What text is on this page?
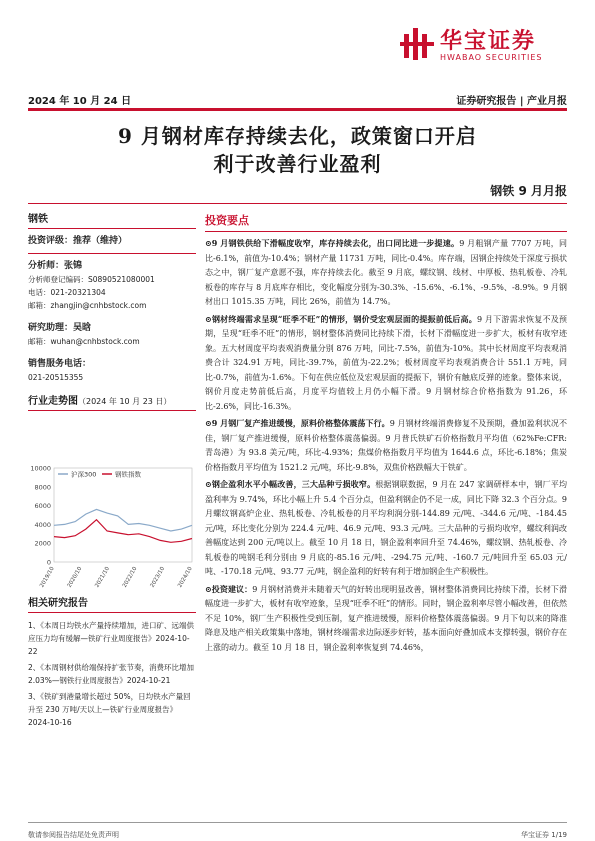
华宝证券
HWABAO SECURITIES
2024 年 10 月 24 日	证券研究报告 | 产业月报
9 月钢材库存持续去化，政策窗口开启
利于改善行业盈利
钢铁 9 月月报
钢铁
投资评级：推荐（维持）
分析师：张锦
分析师登记编码：S0890521080001
电话：021-20321304
邮箱：zhangjin@cnhbstock.com
研究助理：吴晗
邮箱：wuhan@cnhbstock.com
销售服务电话：
021-20515355
行业走势图（2024 年 10 月 23 日）
0
2000
4000
6000
8000
10000
2019/10 2020/10 2021/10 2022/10 2023/10 2024/10
沪深300	钢铁指数
相关研究报告
1、《本周日均铁水产量持续增加，进口矿、远端供应压力均有缓解—铁矿行业周度报告》2024-10-22
2、《本周钢材供给端保持扩张节奏，消费环比增加 2.03%—钢铁行业周度报告》2024-10-21
3、《铁矿到港量增长超过 50%，日均铁水产量回升至 230 万吨/天以上—铁矿行业周度报告》2024-10-16
投资要点

⊙9 月钢铁供给下滑幅度收窄，库存持续去化，出口同比进一步提速。9 月粗钢产量 7707 万吨，同比-6.1%，前值为-10.4%；钢材产量 11731 万吨，同比-0.4%。库存端，因钢企持续处于深度亏损状态之中，钢厂复产意愿不强，库存持续去化。截至 9 月底，螺纹钢、线材、中厚板、热轧板卷、冷轧板卷的库存与 8 月底库存相比，变化幅度分别为-30.3%、-15.6%、-6.1%、-9.5%、-8.9%。9 月钢材出口 1015.35 万吨，同比 26%，前值为 14.7%。

⊙钢材终端需求呈现“旺季不旺”的情形，钢价受宏观层面的提振前低后高。9 月下游需求恢复不及预期，呈现“旺季不旺”的情形，钢材整体消费同比持续下滑，长材下滑幅度进一步扩大，板材有收窄迹象。五大材周度平均表观消费量分别 876 万吨，同比-7.5%，前值为-10%。其中长材周度平均表观消费合计 324.91 万吨，同比-39.7%，前值为-22.2%；板材周度平均表观消费合计 551.1 万吨，同比-0.7%，前值为-1.6%。下旬在供应低位及宏观层面的提振下，钢价有触底反弹的迹象。整体来说，钢价月度走势前低后高，月度平均值较上月仍小幅下滑。9 月钢材综合价格指数为 91.26，环比-2.6%，同比-16.3%。

⊙9 月钢厂复产推进缓慢，原料价格整体震荡下行。9 月钢材终端消费修复不及预期，叠加盈利状况不佳，钢厂复产推进缓慢，原料价格整体震荡偏弱。9 月普氏铁矿石价格指数月平均值（62%Fe:CFR:青岛港）为 93.8 美元/吨，环比-4.93%；焦煤价格指数月平均值为 1644.6 点，环比-6.18%；焦炭价格指数月平均值为 1521.2 元/吨，环比-9.8%，双焦价格跌幅大于铁矿。

⊙钢企盈利水平小幅改善，三大品种亏损收窄。根据钢联数据，9 月在 247 家调研样本中，钢厂平均盈利率为 9.74%，环比小幅上升 5.4 个百分点，但盈利钢企仍不足一成，同比下降 32.3 个百分点。9 月螺纹钢高炉企业、热轧板卷、冷轧板卷的月平均利润分别-144.89 元/吨、-344.6 元/吨、-184.45 元/吨，环比变化分别为 224.4 元/吨、46.9 元/吨、93.3 元/吨。三大品种的亏损均收窄，螺纹利润改善幅度达到 200 元/吨以上。截至 10 月 18 日，钢企盈利率回升至 74.46%，螺纹钢、热轧板卷、冷轧板卷的吨钢毛利分别由 9 月底的-85.16 元/吨、-294.75 元/吨、-160.7 元/吨回升至 65.03 元/吨、-170.18 元/吨、93.77 元/吨，钢企盈利的好转有利于增加钢企生产积极性。

⊙投资建议：9 月钢材消费并未随着天气的好转出现明显改善，钢材整体消费同比持续下滑，长材下滑幅度进一步扩大，板材有收窄迹象，呈现“旺季不旺”的情形。同时，钢企盈利率尽管小幅改善，但依然不足 10%，钢厂生产积极性受到压制，复产推进缓慢，原料价格整体震荡偏弱。9 月下旬以来的降准降息及地产相关政策集中落地，钢材终端需求边际逐步好转，基本面向好叠加成本支撑转强，钢价存在上涨的动力。截至 10 月 18 日，钢企盈利率恢复到 74.46%，

敬请参阅报告结尾处免责声明	华宝证券 1/19
